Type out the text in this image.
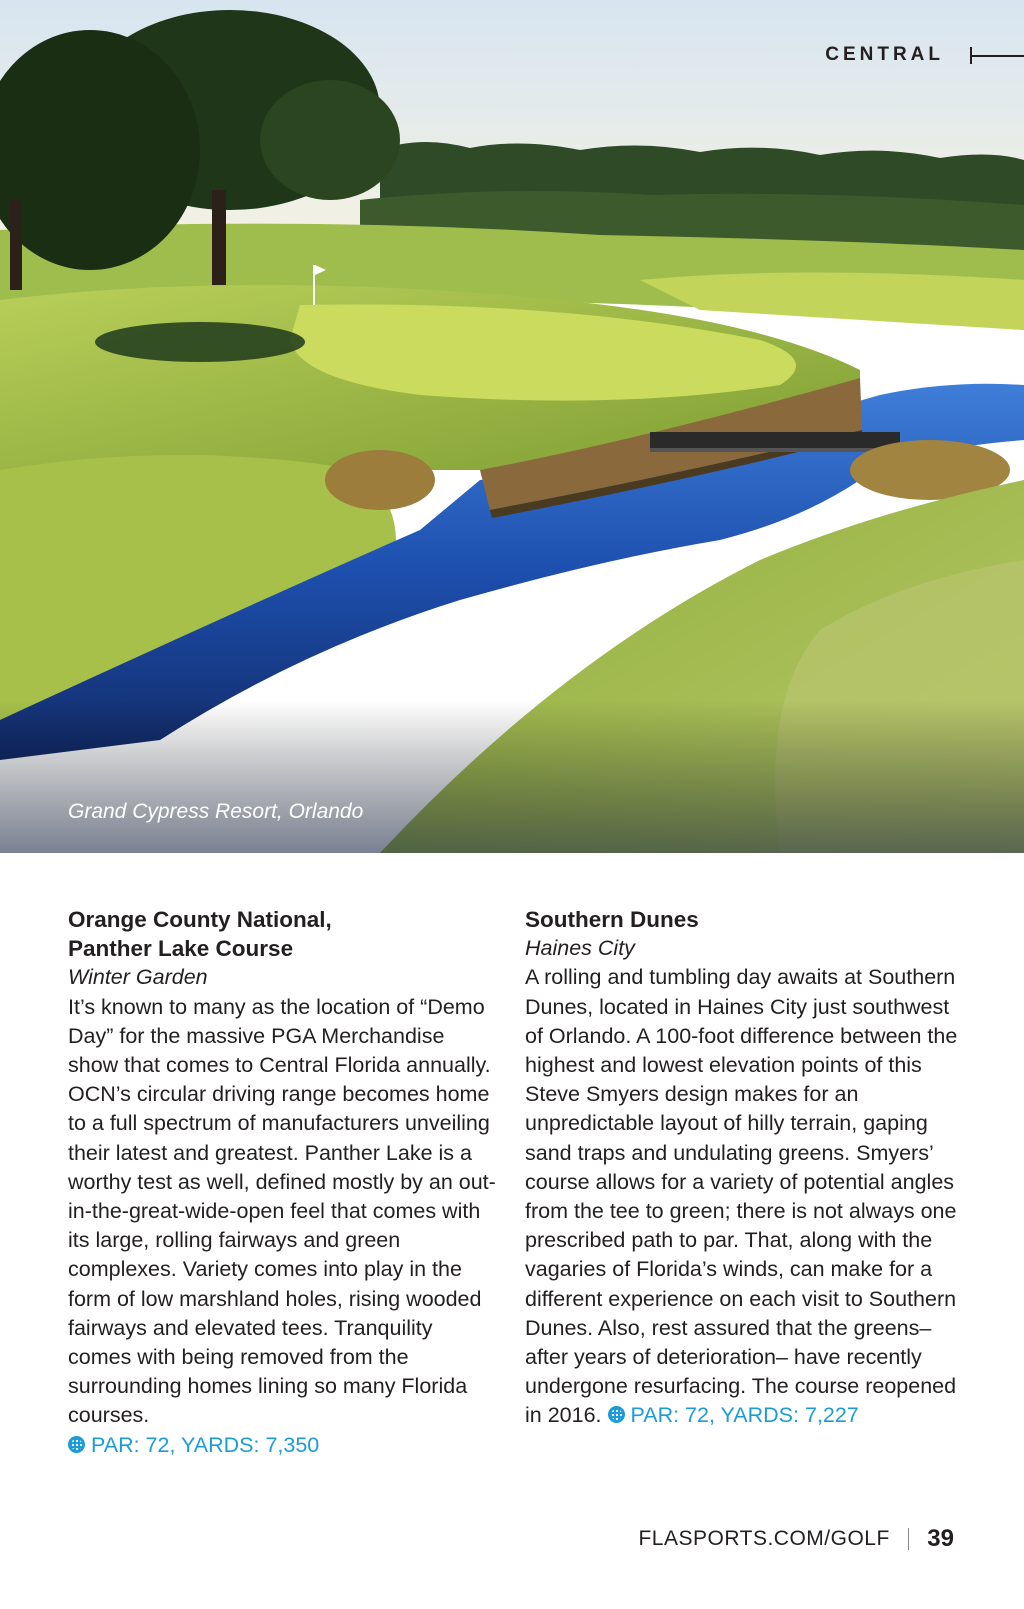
CENTRAL
Grand Cypress Resort, Orlando
Orange County National,
Panther Lake Course
Winter Garden
It’s known to many as the location of “Demo Day” for the massive PGA Merchandise show that comes to Central Florida annually. OCN’s circular driving range becomes home to a full spectrum of manufacturers unveiling their latest and greatest. Panther Lake is a worthy test as well, defined mostly by an out-in-the-great-wide-open feel that comes with its large, rolling fairways and green complexes. Variety comes into play in the form of low marshland holes, rising wooded fairways and elevated tees. Tranquility comes with being removed from the surrounding homes lining so many Florida courses.
PAR: 72, YARDS: 7,350
Southern Dunes
Haines City
A rolling and tumbling day awaits at Southern Dunes, located in Haines City just southwest of Orlando. A 100-foot difference between the highest and lowest elevation points of this Steve Smyers design makes for an unpredictable layout of hilly terrain, gaping sand traps and undulating greens. Smyers’ course allows for a variety of potential angles from the tee to green; there is not always one prescribed path to par. That, along with the vagaries of Florida’s winds, can make for a different experience on each visit to Southern Dunes. Also, rest assured that the greens–after years of deterioration– have recently undergone resurfacing. The course reopened in 2016. PAR: 72, YARDS: 7,227
FLASPORTS.COM/GOLF 39
